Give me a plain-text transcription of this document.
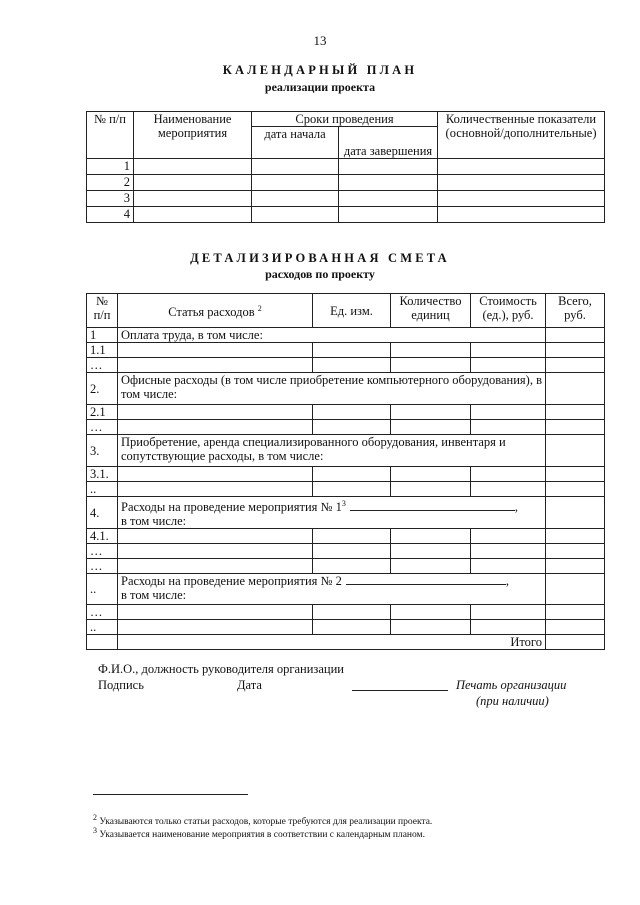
13
КАЛЕНДАРНЫЙ ПЛАН
реализации проекта
№ п/п	Наименование мероприятия	Сроки проведения		Количественные показатели (основной/дополнительные)
		дата начала	дата завершения	
1				
2				
3				
4				
ДЕТАЛИЗИРОВАННАЯ СМЕТА
расходов по проекту
№ п/п	Статья расходов $^2$	Ед. изм.	Количество единиц	Стоимость (ед.), руб.	Всего, руб.
1	Оплата труда, в том числе:				
1.1					
…					
2.	Офисные расходы (в том числе приобретение компьютерного оборудования), в том числе:				
2.1					
…					
3.	Приобретение, аренда специализированного оборудования, инвентаря и сопутствующие расходы, в том числе:				
3.1.					
..					
4.	Расходы на проведение мероприятия № $1^3$ ,
в том числе:				
4.1.					
…					
…					
..	Расходы на проведение мероприятия № 2 ,
в том числе:				
…					
..					
	Итого				
Ф.И.О., должность руководителя организации
Подпись	Дата	Печать организации
(при наличии)
$^2$ Указываются только статьи расходов, которые требуются для реализации проекта.
$^3$ Указывается наименование мероприятия в соответствии с календарным планом.
